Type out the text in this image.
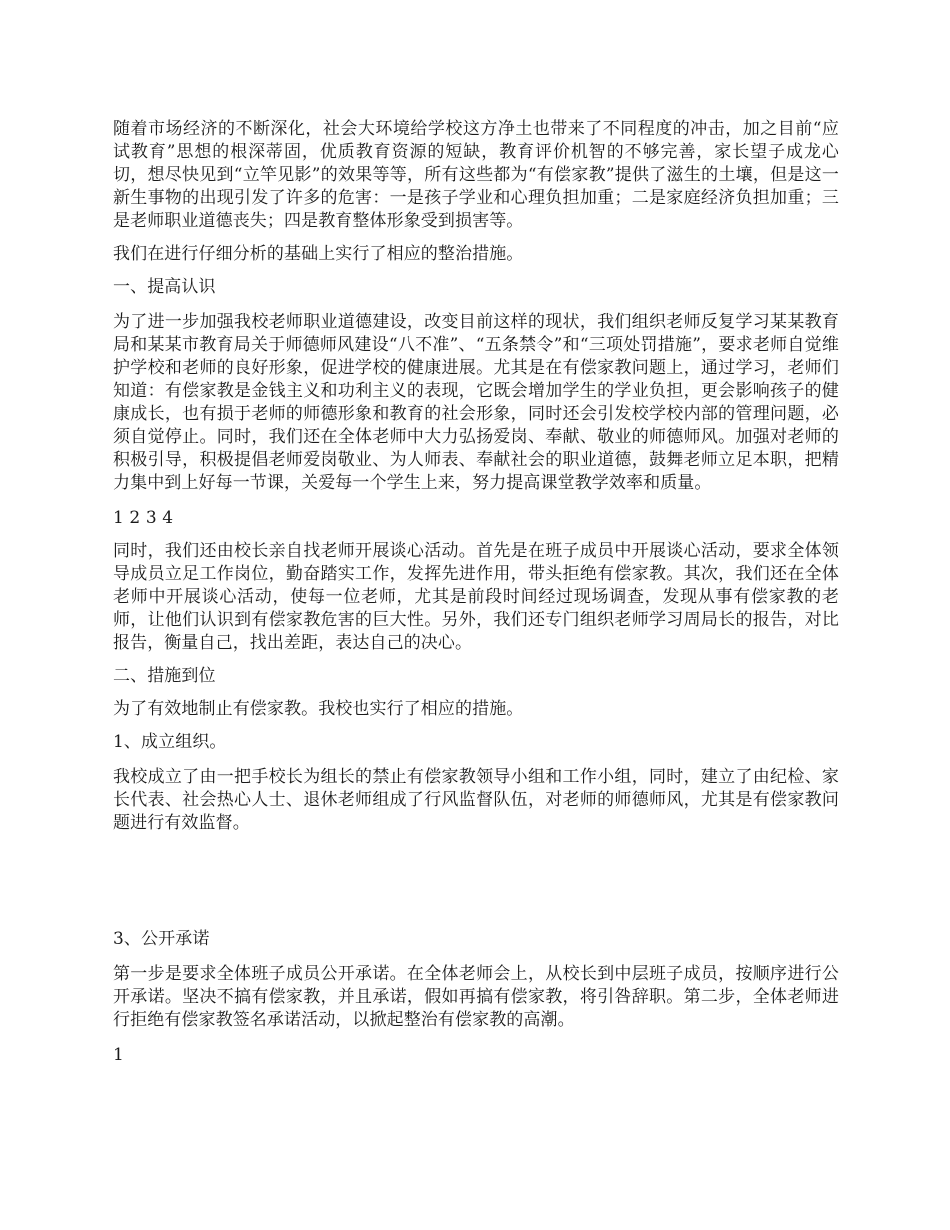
随着市场经济的不断深化，社会大环境给学校这方净土也带来了不同程度的冲击，加之目前“应试教育”思想的根深蒂固，优质教育资源的短缺，教育评价机智的不够完善，家长望子成龙心切，想尽快见到“立竿见影”的效果等等，所有这些都为“有偿家教”提供了滋生的土壤，但是这一新生事物的出现引发了许多的危害：一是孩子学业和心理负担加重；二是家庭经济负担加重；三是老师职业道德丧失；四是教育整体形象受到损害等。

我们在进行仔细分析的基础上实行了相应的整治措施。

一、提高认识

为了进一步加强我校老师职业道德建设，改变目前这样的现状，我们组织老师反复学习某某教育局和某某市教育局关于师德师风建设“八不准”、“五条禁令”和“三项处罚措施”，要求老师自觉维护学校和老师的良好形象，促进学校的健康进展。尤其是在有偿家教问题上，通过学习，老师们知道：有偿家教是金钱主义和功利主义的表现，它既会增加学生的学业负担，更会影响孩子的健康成长，也有损于老师的师德形象和教育的社会形象，同时还会引发校学校内部的管理问题，必须自觉停止。同时，我们还在全体老师中大力弘扬爱岗、奉献、敬业的师德师风。加强对老师的积极引导，积极提倡老师爱岗敬业、为人师表、奉献社会的职业道德，鼓舞老师立足本职，把精力集中到上好每一节课，关爱每一个学生上来，努力提高课堂教学效率和质量。

1 2 3 4

同时，我们还由校长亲自找老师开展谈心活动。首先是在班子成员中开展谈心活动，要求全体领导成员立足工作岗位，勤奋踏实工作，发挥先进作用，带头拒绝有偿家教。其次，我们还在全体老师中开展谈心活动，使每一位老师，尤其是前段时间经过现场调查，发现从事有偿家教的老师，让他们认识到有偿家教危害的巨大性。另外，我们还专门组织老师学习周局长的报告，对比报告，衡量自己，找出差距，表达自己的决心。

二、措施到位

为了有效地制止有偿家教。我校也实行了相应的措施。

1、成立组织。

我校成立了由一把手校长为组长的禁止有偿家教领导小组和工作小组，同时，建立了由纪检、家长代表、社会热心人士、退休老师组成了行风监督队伍，对老师的师德师风，尤其是有偿家教问题进行有效监督。

3、公开承诺

第一步是要求全体班子成员公开承诺。在全体老师会上，从校长到中层班子成员，按顺序进行公开承诺。坚决不搞有偿家教，并且承诺，假如再搞有偿家教，将引咎辞职。第二步，全体老师进行拒绝有偿家教签名承诺活动，以掀起整治有偿家教的高潮。

1
